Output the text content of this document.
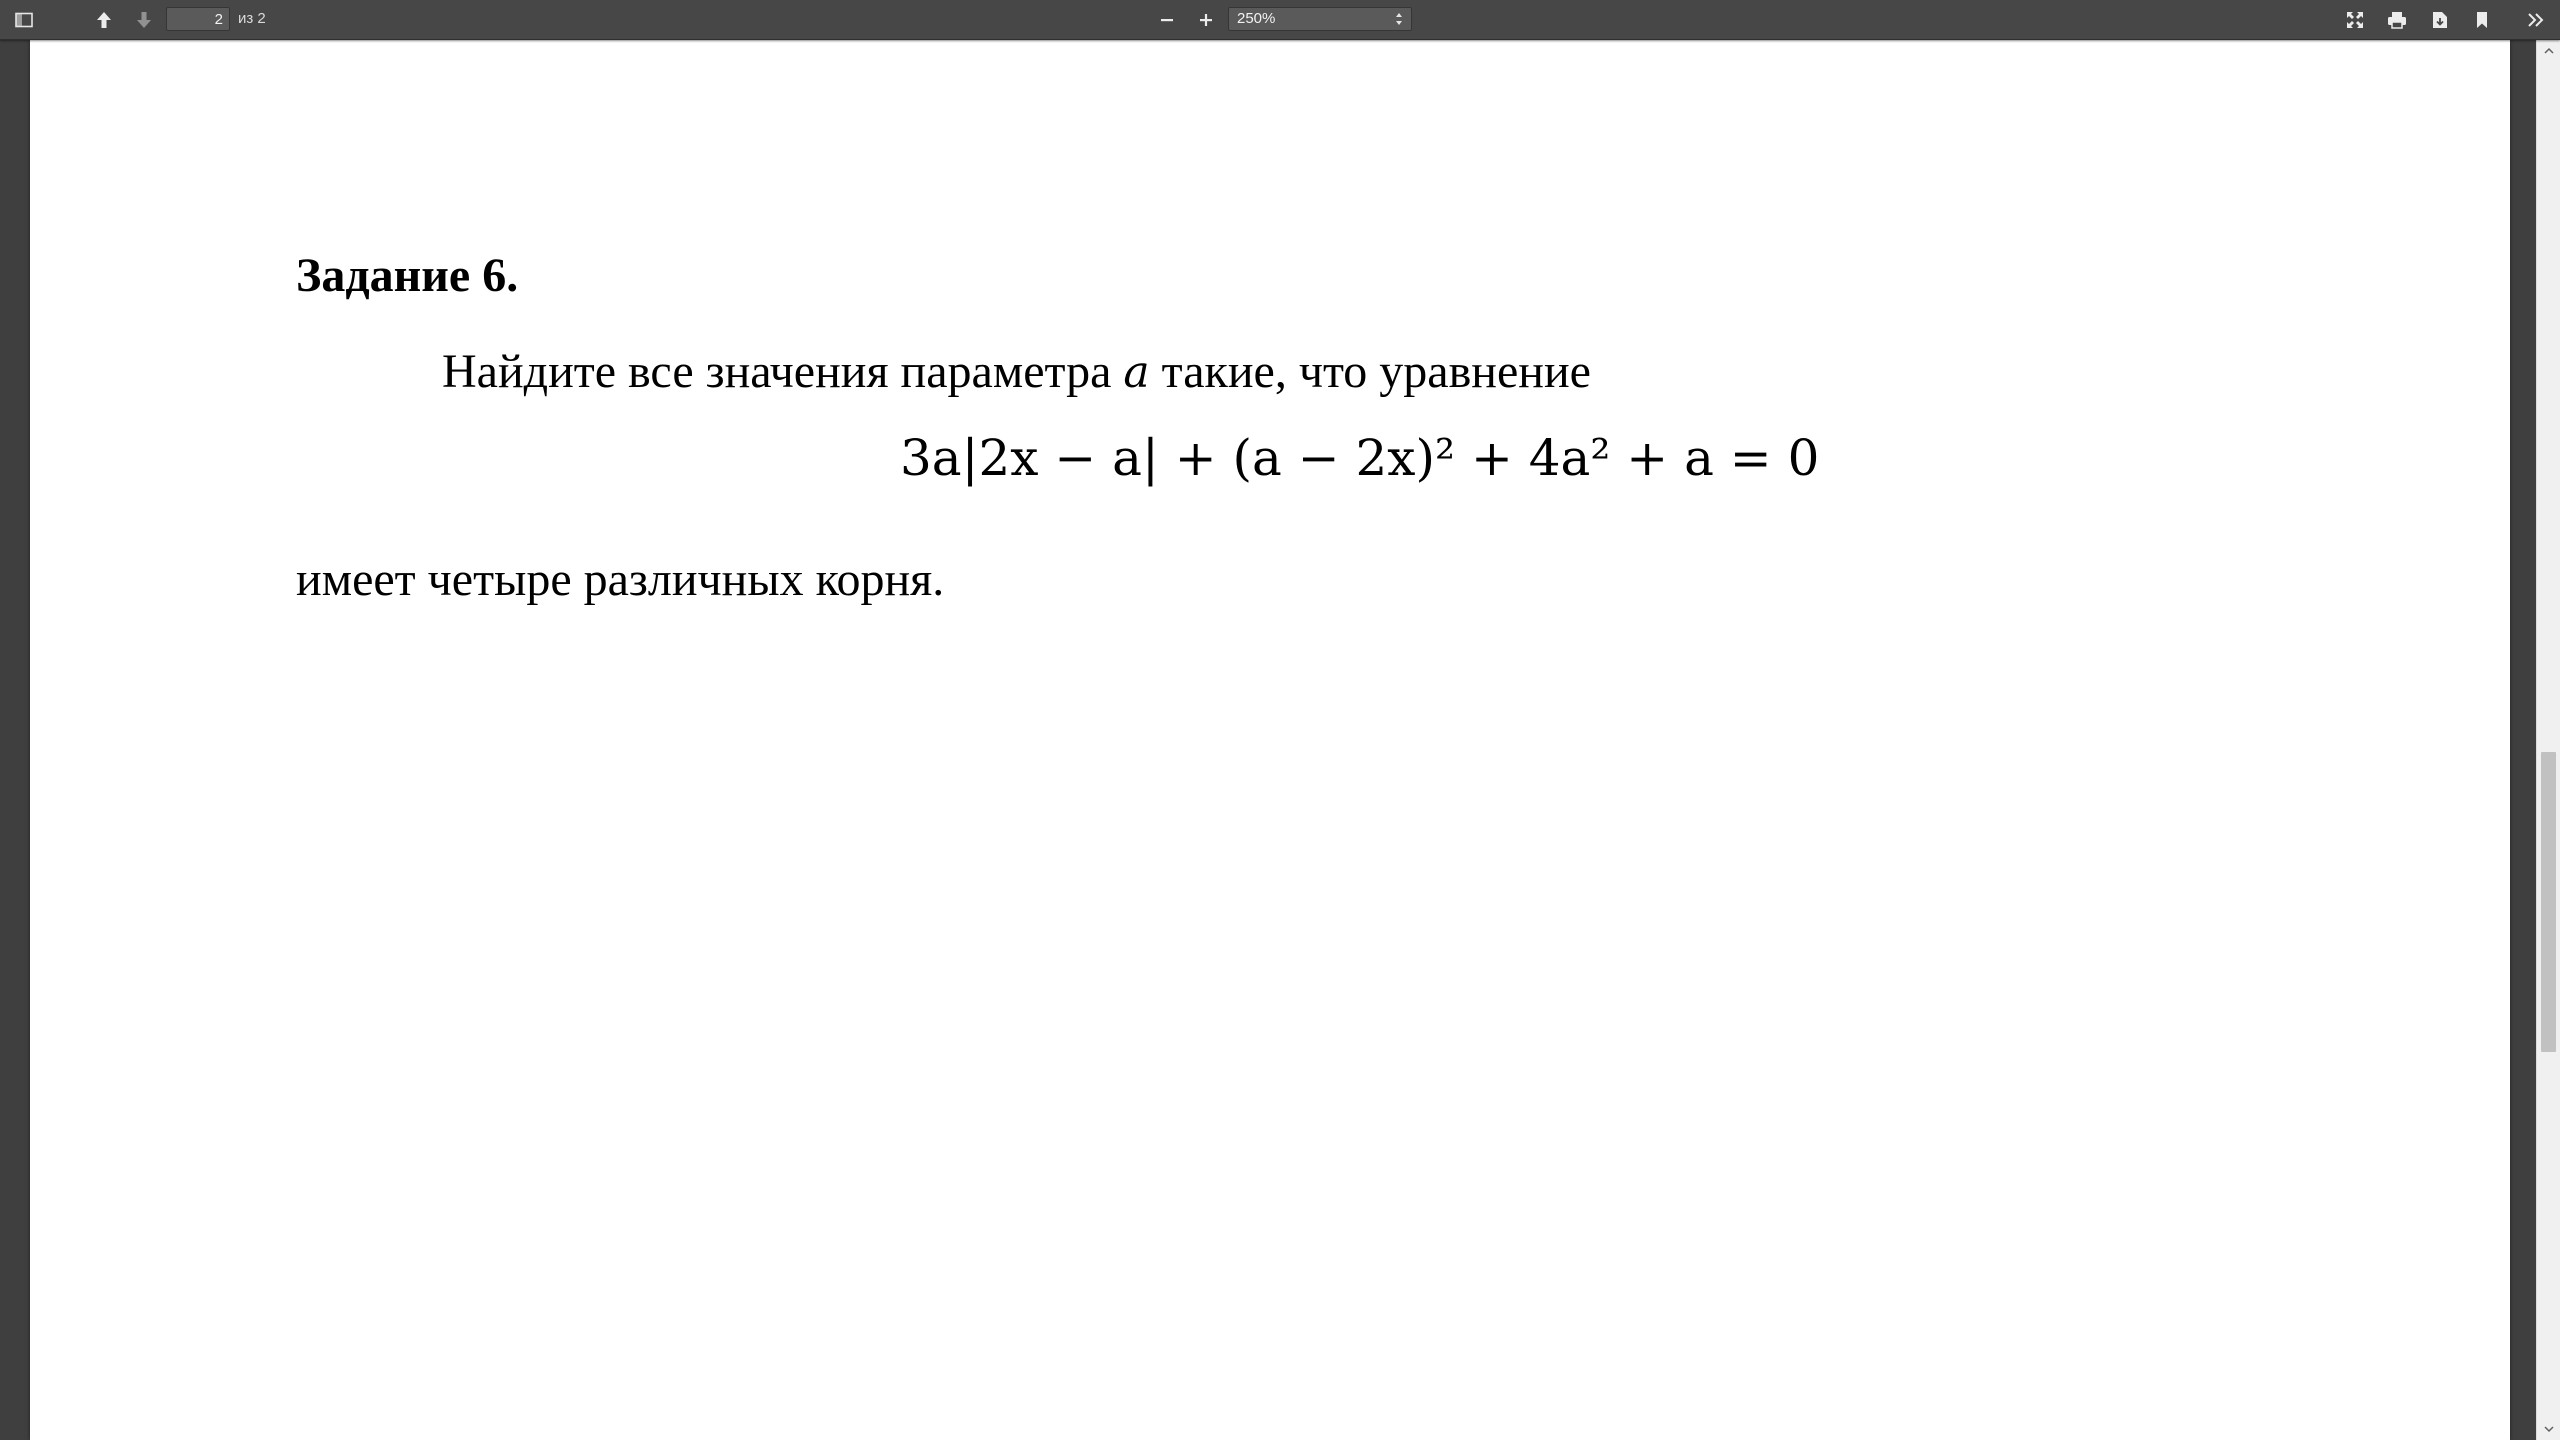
2
из 2	250%
Задание 6.
Найдите все значения параметра a такие, что уравнение
3a|2x − a| + (a − 2x)² + 4a² + a = 0
имеет четыре различных корня.
